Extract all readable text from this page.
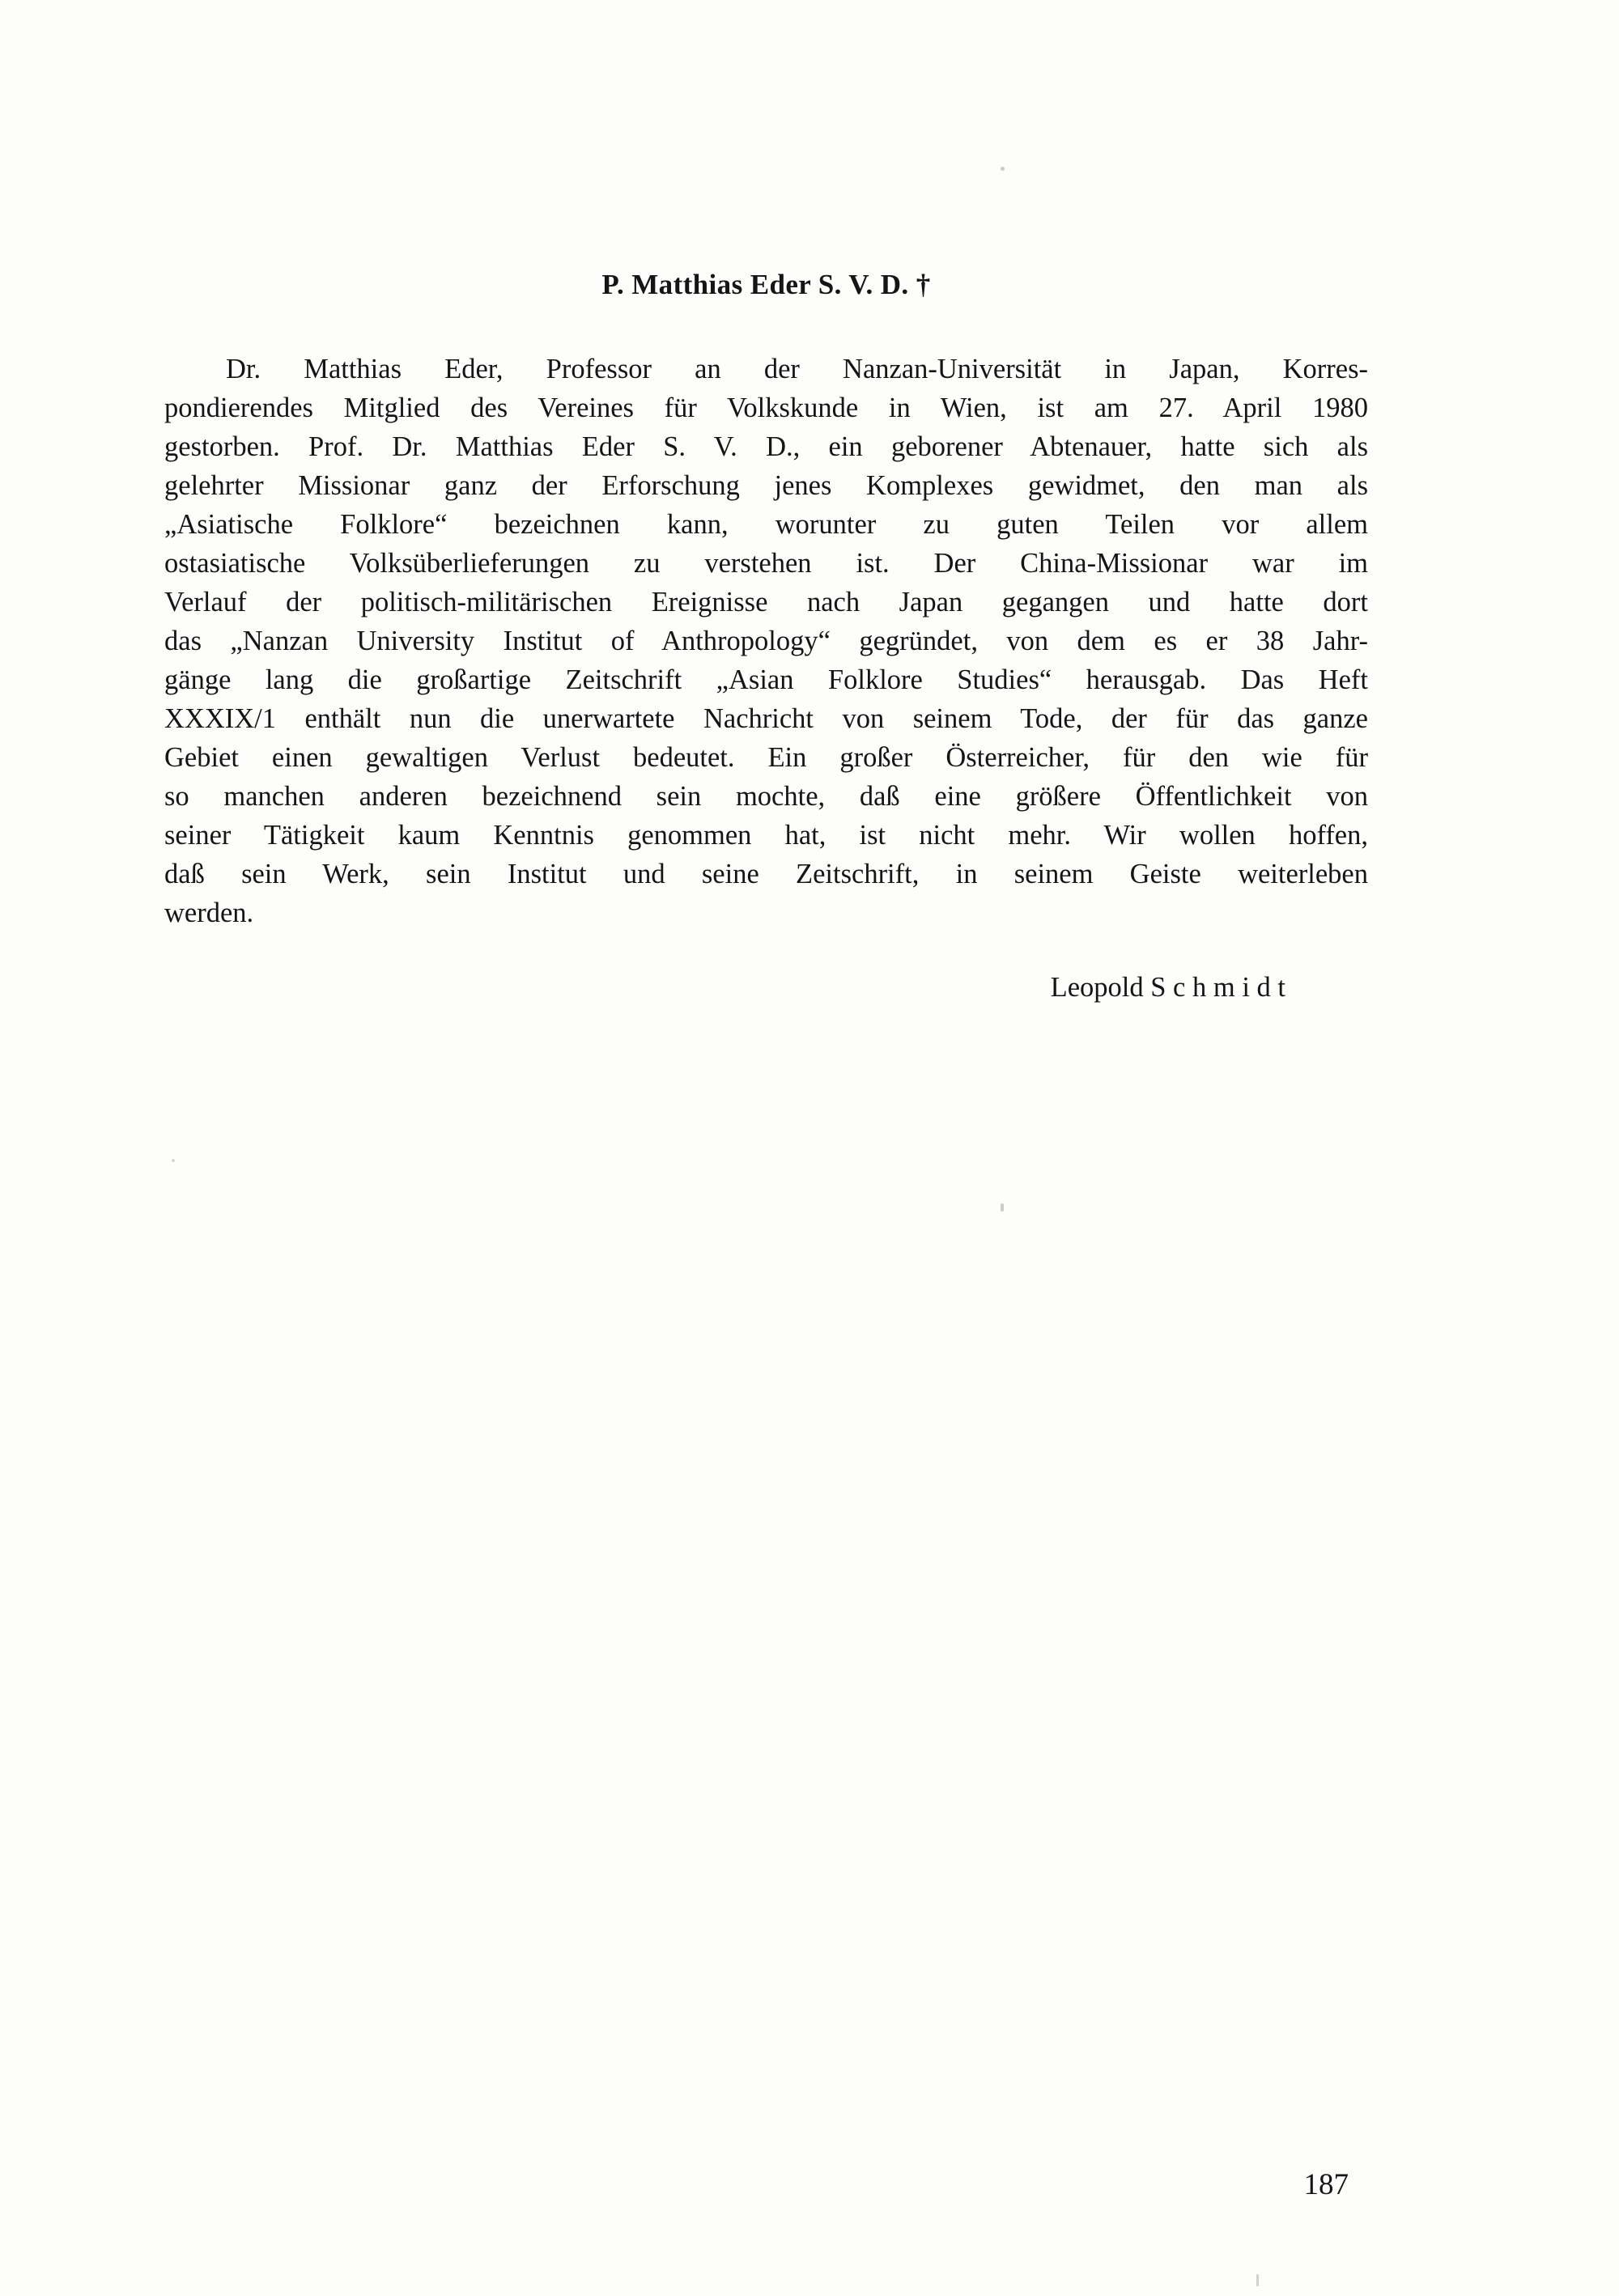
P. Matthias Eder S. V. D. †
Dr. Matthias Eder, Professor an der Nanzan-Universität in Japan, Korres-
pondierendes Mitglied des Vereines für Volkskunde in Wien, ist am 27. April 1980
gestorben. Prof. Dr. Matthias Eder S. V. D., ein geborener Abtenauer, hatte sich als
gelehrter Missionar ganz der Erforschung jenes Komplexes gewidmet, den man als
„Asiatische Folklore“ bezeichnen kann, worunter zu guten Teilen vor allem
ostasiatische Volksüberlieferungen zu verstehen ist. Der China-Missionar war im
Verlauf der politisch-militärischen Ereignisse nach Japan gegangen und hatte dort
das „Nanzan University Institut of Anthropology“ gegründet, von dem es er 38 Jahr-
gänge lang die großartige Zeitschrift „Asian Folklore Studies“ herausgab. Das Heft
XXXIX/1 enthält nun die unerwartete Nachricht von seinem Tode, der für das ganze
Gebiet einen gewaltigen Verlust bedeutet. Ein großer Österreicher, für den wie für
so manchen anderen bezeichnend sein mochte, daß eine größere Öffentlichkeit von
seiner Tätigkeit kaum Kenntnis genommen hat, ist nicht mehr. Wir wollen hoffen,
daß sein Werk, sein Institut und seine Zeitschrift, in seinem Geiste weiterleben
werden.
Leopold S c h m i d t
187
